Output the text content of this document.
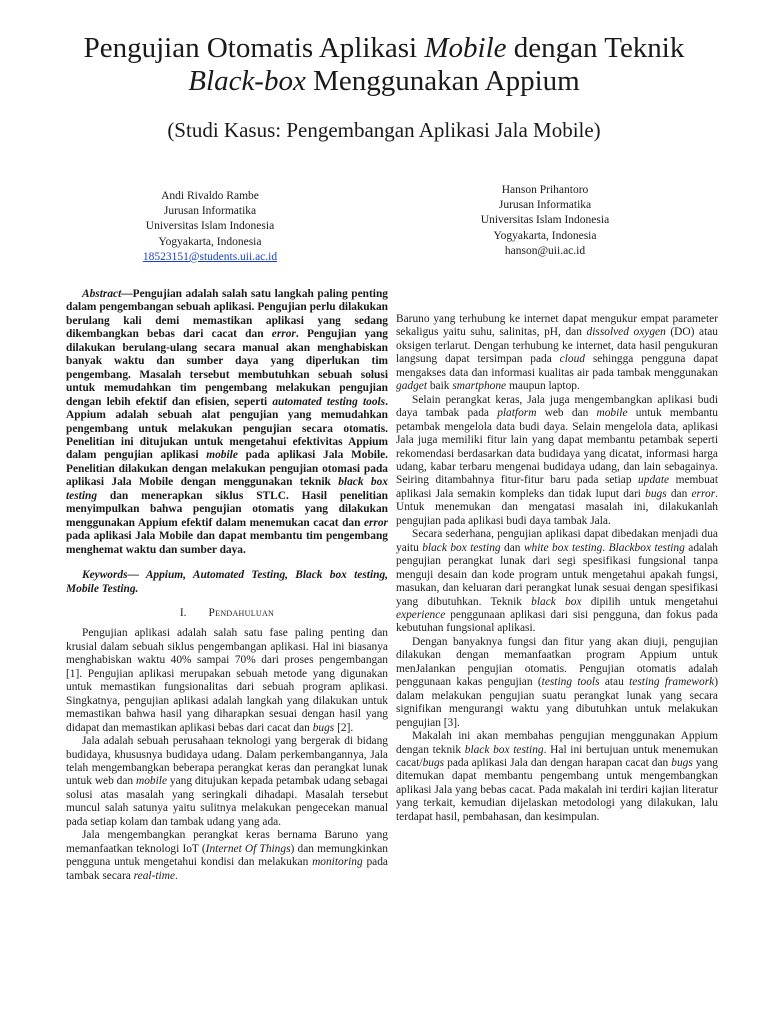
Pengujian Otomatis Aplikasi Mobile dengan Teknik
Black-box Menggunakan Appium
(Studi Kasus: Pengembangan Aplikasi Jala Mobile)
Andi Rivaldo Rambe
Jurusan Informatika
Universitas Islam Indonesia
Yogyakarta, Indonesia
18523151@students.uii.ac.id
Hanson Prihantoro
Jurusan Informatika
Universitas Islam Indonesia
Yogyakarta, Indonesia
hanson@uii.ac.id

Abstract—Pengujian adalah salah satu langkah paling penting dalam pengembangan sebuah aplikasi. Pengujian perlu dilakukan berulang kali demi memastikan aplikasi yang sedang dikembangkan bebas dari cacat dan error. Pengujian yang dilakukan berulang-ulang secara manual akan menghabiskan banyak waktu dan sumber daya yang diperlukan tim pengembang. Masalah tersebut membutuhkan sebuah solusi untuk memudahkan tim pengembang melakukan pengujian dengan lebih efektif dan efisien, seperti automated testing tools. Appium adalah sebuah alat pengujian yang memudahkan pengembang untuk melakukan pengujian secara otomatis. Penelitian ini ditujukan untuk mengetahui efektivitas Appium dalam pengujian aplikasi mobile pada aplikasi Jala Mobile. Penelitian dilakukan dengan melakukan pengujian otomasi pada aplikasi Jala Mobile dengan menggunakan teknik black box testing dan menerapkan siklus STLC. Hasil penelitian menyimpulkan bahwa pengujian otomatis yang dilakukan menggunakan Appium efektif dalam menemukan cacat dan error pada aplikasi Jala Mobile dan dapat membantu tim pengembang menghemat waktu dan sumber daya.

Keywords— Appium, Automated Testing, Black box testing, Mobile Testing.

I. Pendahuluan

Pengujian aplikasi adalah salah satu fase paling penting dan krusial dalam sebuah siklus pengembangan aplikasi. Hal ini biasanya menghabiskan waktu 40% sampai 70% dari proses pengembangan [1]. Pengujian aplikasi merupakan sebuah metode yang digunakan untuk memastikan fungsionalitas dari sebuah program aplikasi. Singkatnya, pengujian aplikasi adalah langkah yang dilakukan untuk memastikan bahwa hasil yang diharapkan sesuai dengan hasil yang didapat dan memastikan aplikasi bebas dari cacat dan bugs [2].

Jala adalah sebuah perusahaan teknologi yang bergerak di bidang budidaya, khususnya budidaya udang. Dalam perkembangannya, Jala telah mengembangkan beberapa perangkat keras dan perangkat lunak untuk web dan mobile yang ditujukan kepada petambak udang sebagai solusi atas masalah yang seringkali dihadapi. Masalah tersebut muncul salah satunya yaitu sulitnya melakukan pengecekan manual pada setiap kolam dan tambak udang yang ada.

Jala mengembangkan perangkat keras bernama Baruno yang memanfaatkan teknologi IoT (Internet Of Things) dan memungkinkan pengguna untuk mengetahui kondisi dan melakukan monitoring pada tambak secara real-time.

Baruno yang terhubung ke internet dapat mengukur empat parameter sekaligus yaitu suhu, salinitas, pH, dan dissolved oxygen (DO) atau oksigen terlarut. Dengan terhubung ke internet, data hasil pengukuran langsung dapat tersimpan pada cloud sehingga pengguna dapat mengakses data dan informasi kualitas air pada tambak menggunakan gadget baik smartphone maupun laptop.

Selain perangkat keras, Jala juga mengembangkan aplikasi budi daya tambak pada platform web dan mobile untuk membantu petambak mengelola data budi daya. Selain mengelola data, aplikasi Jala juga memiliki fitur lain yang dapat membantu petambak seperti rekomendasi berdasarkan data budidaya yang dicatat, informasi harga udang, kabar terbaru mengenai budidaya udang, dan lain sebagainya. Seiring ditambahnya fitur-fitur baru pada setiap update membuat aplikasi Jala semakin kompleks dan tidak luput dari bugs dan error. Untuk menemukan dan mengatasi masalah ini, dilakukanlah pengujian pada aplikasi budi daya tambak Jala.

Secara sederhana, pengujian aplikasi dapat dibedakan menjadi dua yaitu black box testing dan white box testing. Blackbox testing adalah pengujian perangkat lunak dari segi spesifikasi fungsional tanpa menguji desain dan kode program untuk mengetahui apakah fungsi, masukan, dan keluaran dari perangkat lunak sesuai dengan spesifikasi yang dibutuhkan. Teknik black box dipilih untuk mengetahui experience penggunaan aplikasi dari sisi pengguna, dan fokus pada kebutuhan fungsional aplikasi.

Dengan banyaknya fungsi dan fitur yang akan diuji, pengujian dilakukan dengan memanfaatkan program Appium untuk menJalankan pengujian otomatis. Pengujian otomatis adalah penggunaan kakas pengujian (testing tools atau testing framework) dalam melakukan pengujian suatu perangkat lunak yang secara signifikan mengurangi waktu yang dibutuhkan untuk melakukan pengujian [3].

Makalah ini akan membahas pengujian menggunakan Appium dengan teknik black box testing. Hal ini bertujuan untuk menemukan cacat/bugs pada aplikasi Jala dan dengan harapan cacat dan bugs yang ditemukan dapat membantu pengembang untuk mengembangkan aplikasi Jala yang bebas cacat. Pada makalah ini terdiri kajian literatur yang terkait, kemudian dijelaskan metodologi yang dilakukan, lalu terdapat hasil, pembahasan, dan kesimpulan.
